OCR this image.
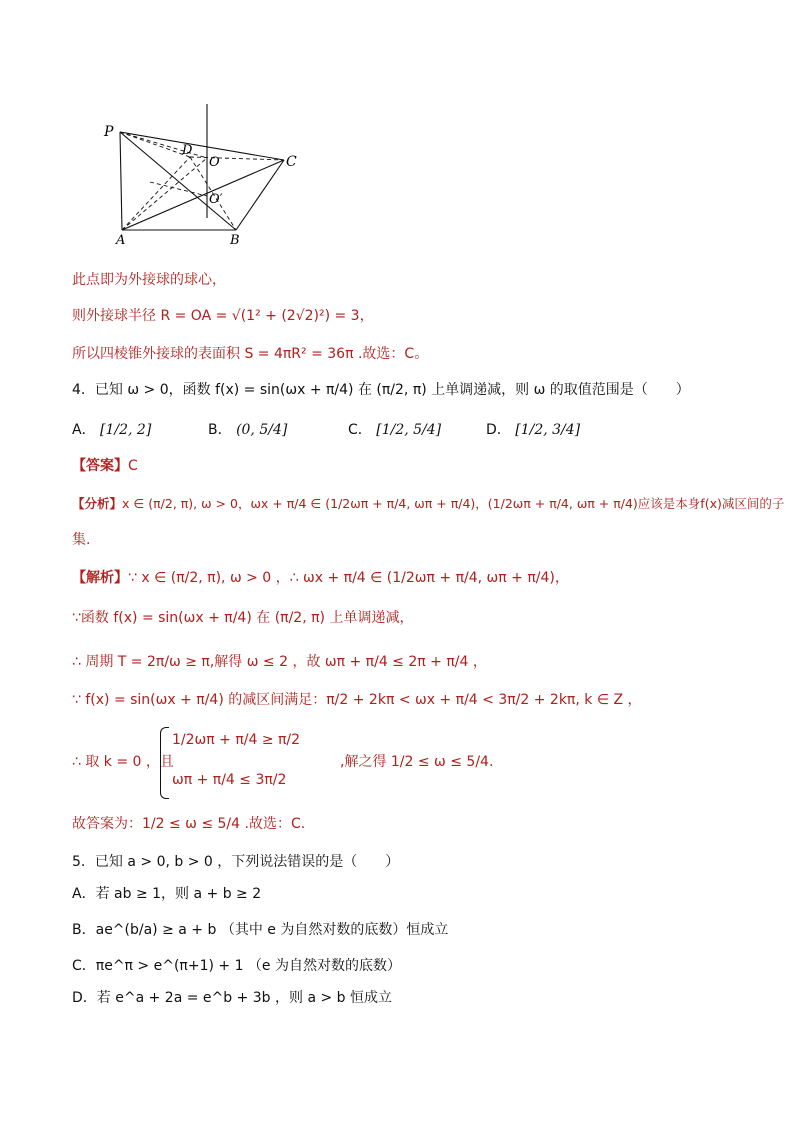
P
D
O	C
O′
A	B
此点即为外接球的球心，
则外接球半径 R = OA = √(1² + (2√2)²) = 3，
所以四棱锥外接球的表面积 S = 4πR² = 36π .故选：C。
4．已知 ω > 0，函数 f(x) = sin(ωx + π/4) 在 (π/2, π) 上单调递减，则 ω 的取值范围是（　　）
A． [1/2, 2]	B． (0, 5/4]	C． [1/2, 5/4]	D． [1/2, 3/4]
【答案】C
【分析】x ∈ (π/2, π), ω > 0，ωx + π/4 ∈ (1/2ωπ + π/4, ωπ + π/4)，(1/2ωπ + π/4, ωπ + π/4)应该是本身f(x)减区间的子
集.
【解析】∵ x ∈ (π/2, π), ω > 0 ，∴ ωx + π/4 ∈ (1/2ωπ + π/4, ωπ + π/4)，
∵函数 f(x) = sin(ωx + π/4) 在 (π/2, π) 上单调递减，
∴ 周期 T = 2π/ω ≥ π,解得 ω ≤ 2 ，故 ωπ + π/4 ≤ 2π + π/4 ，
∵ f(x) = sin(ωx + π/4) 的减区间满足：π/2 + 2kπ < ωx + π/4 < 3π/2 + 2kπ, k ∈ Z ，
∴ 取 k = 0 ，且
1/2ωπ + π/4 ≥ π/2
ωπ + π/4 ≤ 3π/2
,解之得 1/2 ≤ ω ≤ 5/4.
故答案为：1/2 ≤ ω ≤ 5/4 .故选：C.
5．已知 a > 0, b > 0 ，下列说法错误的是（　　）
A．若 ab ≥ 1，则 a + b ≥ 2
B．ae^(b/a) ≥ a + b （其中 e 为自然对数的底数）恒成立
C．πe^π > e^(π+1) + 1 （e 为自然对数的底数）
D．若 e^a + 2a = e^b + 3b ，则 a > b 恒成立
